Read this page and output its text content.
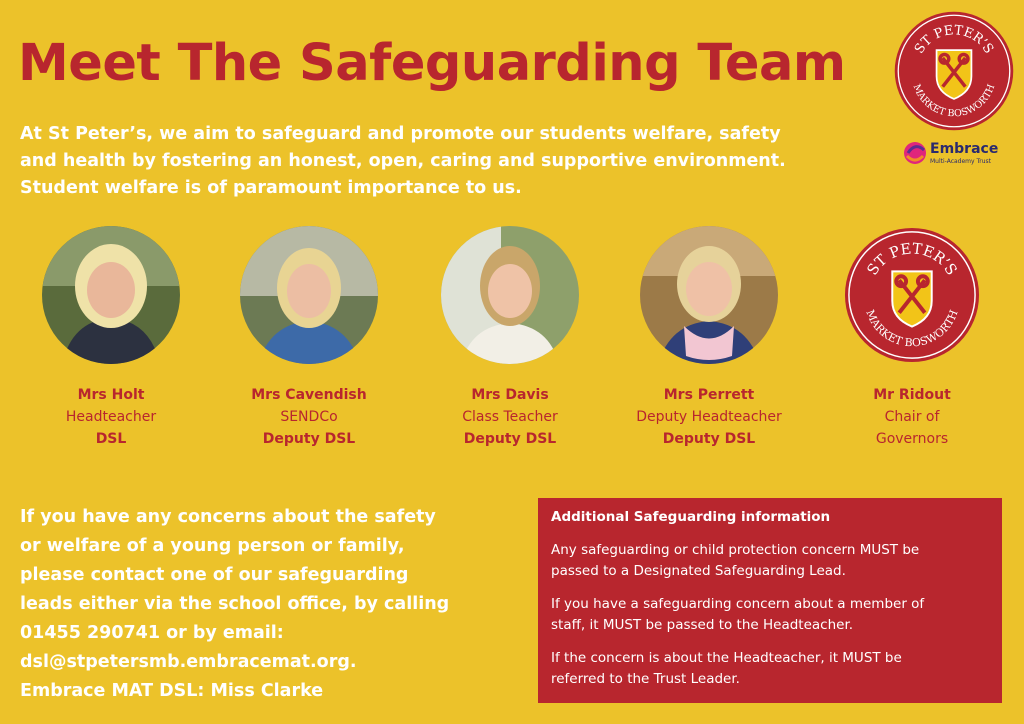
Meet The Safeguarding Team

At St Peter’s, we aim to safeguard and promote our students welfare, safety
and health by fostering an honest, open, caring and supportive environment.
Student welfare is of paramount importance to us.

ST PETER’S
MARKET BOSWORTH
Embrace
Multi-Academy Trust
Mrs Holt
Headteacher
DSL
Mrs Cavendish
SENDCo
Deputy DSL
Mrs Davis
Class Teacher
Deputy DSL
Mrs Perrett
Deputy Headteacher
Deputy DSL
ST PETER’S
MARKET BOSWORTH
Mr Ridout
Chair of
Governors
If you have any concerns about the safety
or welfare of a young person or family,
please contact one of our safeguarding
leads either via the school office, by calling
01455 290741 or by email:
dsl@stpetersmb.embracemat.org.
Embrace MAT DSL: Miss Clarke

Additional Safeguarding information

Any safeguarding or child protection concern MUST be
passed to a Designated Safeguarding Lead.

If you have a safeguarding concern about a member of
staff, it MUST be passed to the Headteacher.

If the concern is about the Headteacher, it MUST be
referred to the Trust Leader.
